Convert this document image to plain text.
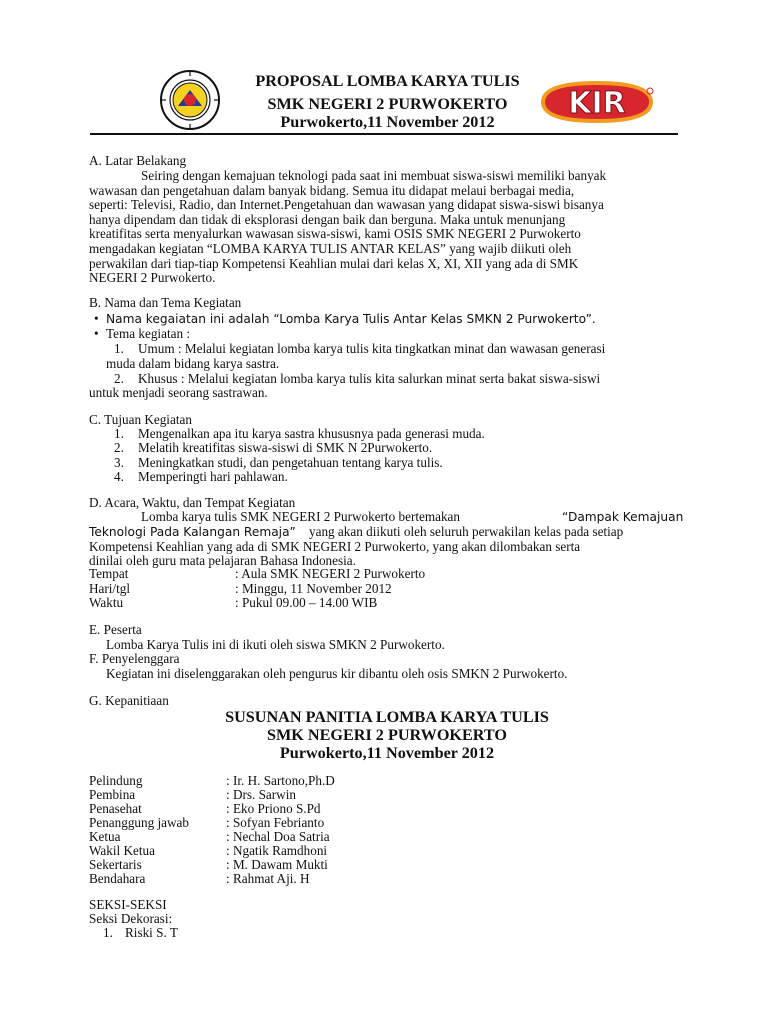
PROPOSAL LOMBA KARYA TULIS
SMK NEGERI 2 PURWOKERTO
Purwokerto,11 November 2012
KIR
A. Latar Belakang

Seiring dengan kemajuan teknologi pada saat ini membuat siswa-siswi memiliki banyak

wawasan dan pengetahuan dalam banyak bidang. Semua itu didapat melaui berbagai media,

seperti: Televisi, Radio, dan Internet.Pengetahuan dan wawasan yang didapat siswa-siswi bisanya

hanya dipendam dan tidak di eksplorasi dengan baik dan berguna. Maka untuk menunjang

kreatifitas serta menyalurkan wawasan siswa-siswi, kami OSIS SMK NEGERI 2 Purwokerto

mengadakan kegiatan “LOMBA KARYA TULIS ANTAR KELAS” yang wajib diikuti oleh

perwakilan dari tiap-tiap Kompetensi Keahlian mulai dari kelas X, XI, XII yang ada di SMK

NEGERI 2 Purwokerto.

B. Nama dan Tema Kegiatan
• Nama kegaiatan ini adalah “Lomba Karya Tulis Antar Kelas SMKN 2 Purwokerto”.
• Tema kegiatan :
1. Umum : Melalui kegiatan lomba karya tulis kita tingkatkan minat dan wawasan generasi
muda dalam bidang karya sastra.
2. Khusus : Melalui kegiatan lomba karya tulis kita salurkan minat serta bakat siswa-siswi
untuk menjadi seorang sastrawan.
C. Tujuan Kegiatan
1. Mengenalkan apa itu karya sastra khususnya pada generasi muda.
2. Melatih kreatifitas siswa-siswi di SMK N 2Purwokerto.
3. Meningkatkan studi, dan pengetahuan tentang karya tulis.
4. Memperingti hari pahlawan.
D. Acara, Waktu, dan Tempat Kegiatan
Lomba karya tulis SMK NEGERI 2 Purwokerto bertemakan	“Dampak Kemajuan
Teknologi Pada Kalangan Remaja” yang akan diikuti oleh seluruh perwakilan kelas pada setiap
Kompetensi Keahlian yang ada di SMK NEGERI 2 Purwokerto, yang akan dilombakan serta
dinilai oleh guru mata pelajaran Bahasa Indonesia.
Tempat	: Aula SMK NEGERI 2 Purwokerto
Hari/tgl	: Minggu, 11 November 2012
Waktu	: Pukul 09.00 – 14.00 WIB
E. Peserta
Lomba Karya Tulis ini di ikuti oleh siswa SMKN 2 Purwokerto.
F. Penyelenggara
Kegiatan ini diselenggarakan oleh pengurus kir dibantu oleh osis SMKN 2 Purwokerto.
G. Kepanitiaan
SUSUNAN PANITIA LOMBA KARYA TULIS
SMK NEGERI 2 PURWOKERTO
Purwokerto,11 November 2012
Pelindung	: Ir. H. Sartono,Ph.D
Pembina	: Drs. Sarwin
Penasehat	: Eko Priono S.Pd
Penanggung jawab	: Sofyan Febrianto
Ketua	: Nechal Doa Satria
Wakil Ketua	: Ngatik Ramdhoni
Sekertaris	: M. Dawam Mukti
Bendahara	: Rahmat Aji. H
SEKSI-SEKSI
Seksi Dekorasi:
1. Riski S. T
